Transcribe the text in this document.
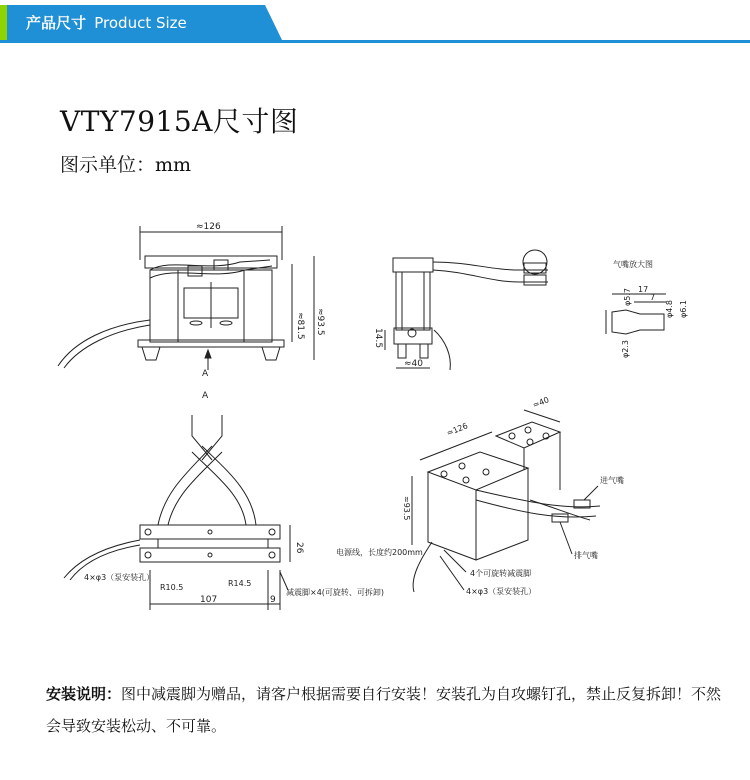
产品尺寸 Product Size
VTY7915A尺寸图
图示单位：mm
≈126
≈81.5 ≈93.5
A
A
≈40
14.5
气嘴放大图
17
7
φ5.7
φ4.8 φ6.1
φ2.3
26
107	9
4×φ3（泵安装孔）
R10.5	R14.5
减震脚×4(可旋转、可拆卸)
≈93.5
≈126
≈40
进气嘴
排气嘴
电源线，长度约200mm
4个可旋转减震脚
4×φ3（泵安装孔）
安装说明：图中减震脚为赠品，请客户根据需要自行安装！安装孔为自攻螺钉孔，禁止反复拆卸！不然会导致安装松动、不可靠。
